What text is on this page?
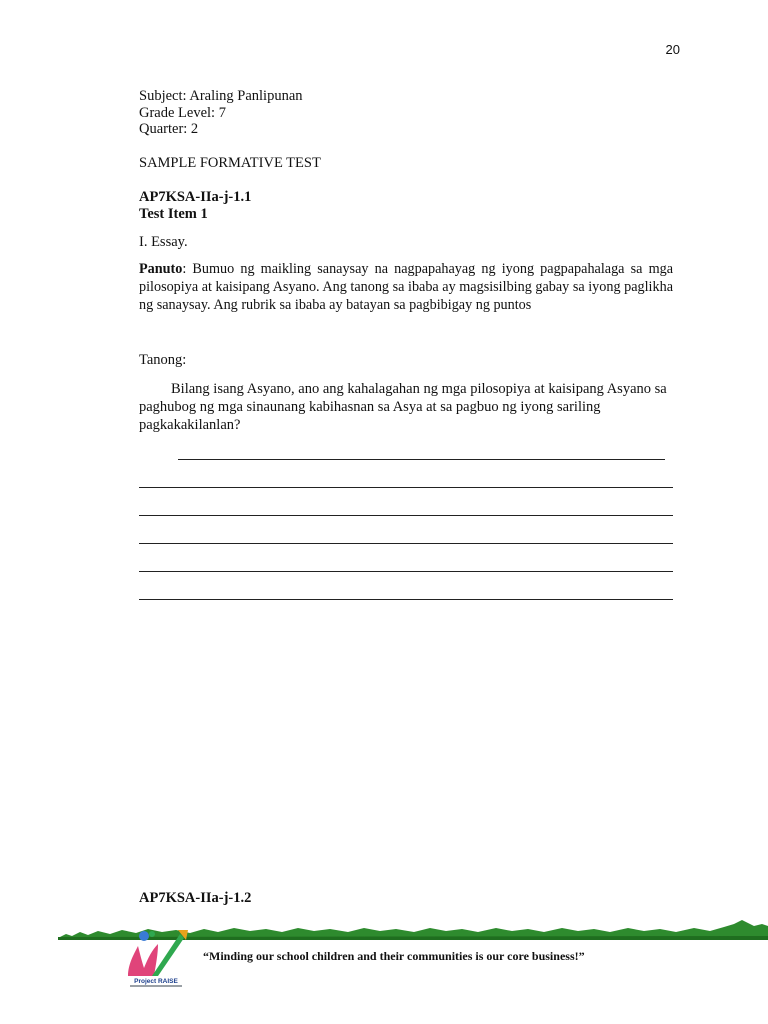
20
Subject: Araling Panlipunan
Grade Level: 7
Quarter: 2
SAMPLE FORMATIVE TEST
AP7KSA-IIa-j-1.1
Test Item 1
I. Essay.
Panuto: Bumuo ng maikling sanaysay na nagpapahayag ng iyong pagpapahalaga sa mga pilosopiya at kaisipang Asyano. Ang tanong sa ibaba ay magsisilbing gabay sa iyong paglikha ng sanaysay. Ang rubrik sa ibaba ay batayan sa pagbibigay ng puntos
Tanong:
Bilang isang Asyano, ano ang kahalagahan ng mga pilosopiya at kaisipang Asyano sa paghubog ng mga sinaunang kabihasnan sa Asya at sa pagbuo ng iyong sariling pagkakakilanlan?
AP7KSA-IIa-j-1.2
Project RAISE
“Minding our school children and their communities is our core business!”
